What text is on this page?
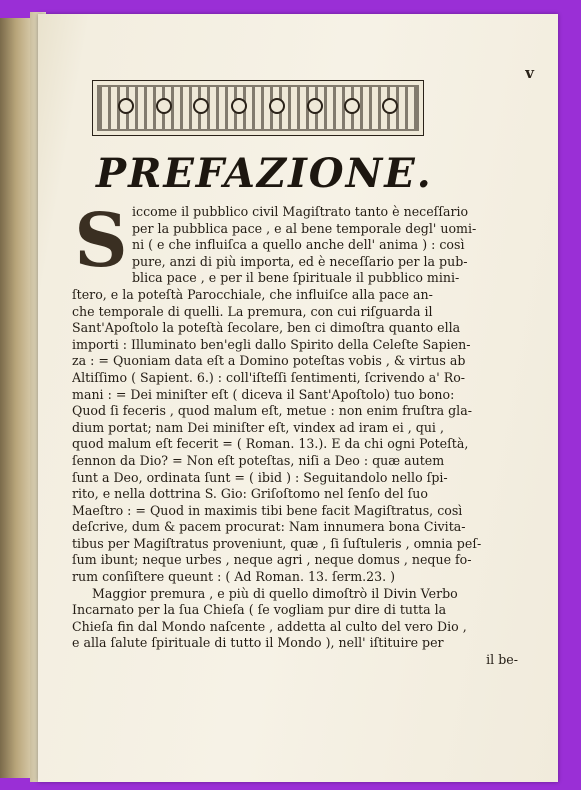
v
PREFAZIONE.
S iccome il pubblico civil Magiſtrato tanto è neceſſario
per la pubblica pace , e al bene temporale degl' uomi-
ni ( e che influiſca a quello anche dell' anima ) : così
pure, anzi di più importa, ed è neceſſario per la pub-
blica pace , e per il bene ſpirituale il pubblico mini-
ſtero, e la poteſtà Parocchiale, che influiſce alla pace an-
che temporale di quelli. La premura, con cui riſguarda il
Sant'Apoſtolo la poteſtà ſecolare, ben ci dimoſtra quanto ella
importi : Illuminato ben'egli dallo Spirito della Celeſte Sapien-
za : = Quoniam data eſt a Domino poteſtas vobis , & virtus ab
Altiſſimo ( Sapient. 6.) : coll'iſteſſi ſentimenti, ſcrivendo a' Ro-
mani : = Dei miniſter eſt ( diceva il Sant'Apoſtolo) tuo bono:
Quod ſi feceris , quod malum eſt, metue : non enim fruſtra gla-
dium portat; nam Dei miniſter eſt, vindex ad iram ei , qui ,
quod malum eſt fecerit = ( Roman. 13.). E da chi ogni Poteſtà,
ſennon da Dio? = Non eſt poteſtas, niſi a Deo : quæ autem
ſunt a Deo, ordinata ſunt = ( ibid ) : Seguitandolo nello ſpi-
rito, e nella dottrina S. Gio: Griſoſtomo nel ſenſo del ſuo
Maeſtro : = Quod in maximis tibi bene facit Magiſtratus, così
deſcrive, dum & pacem procurat: Nam innumera bona Civita-
tibus per Magiſtratus proveniunt, quæ , ſi ſuſtuleris , omnia peſ-
ſum ibunt; neque urbes , neque agri , neque domus , neque fo-
rum conſiſtere queunt : ( Ad Roman. 13. ſerm.23. )
Maggior premura , e più di quello dimoſtrò il Divin Verbo
Incarnato per la ſua Chieſa ( ſe vogliam pur dire di tutta la
Chieſa fin dal Mondo naſcente , addetta al culto del vero Dio ,
e alla ſalute ſpirituale di tutto il Mondo ), nell' iſtituire per
il be-
